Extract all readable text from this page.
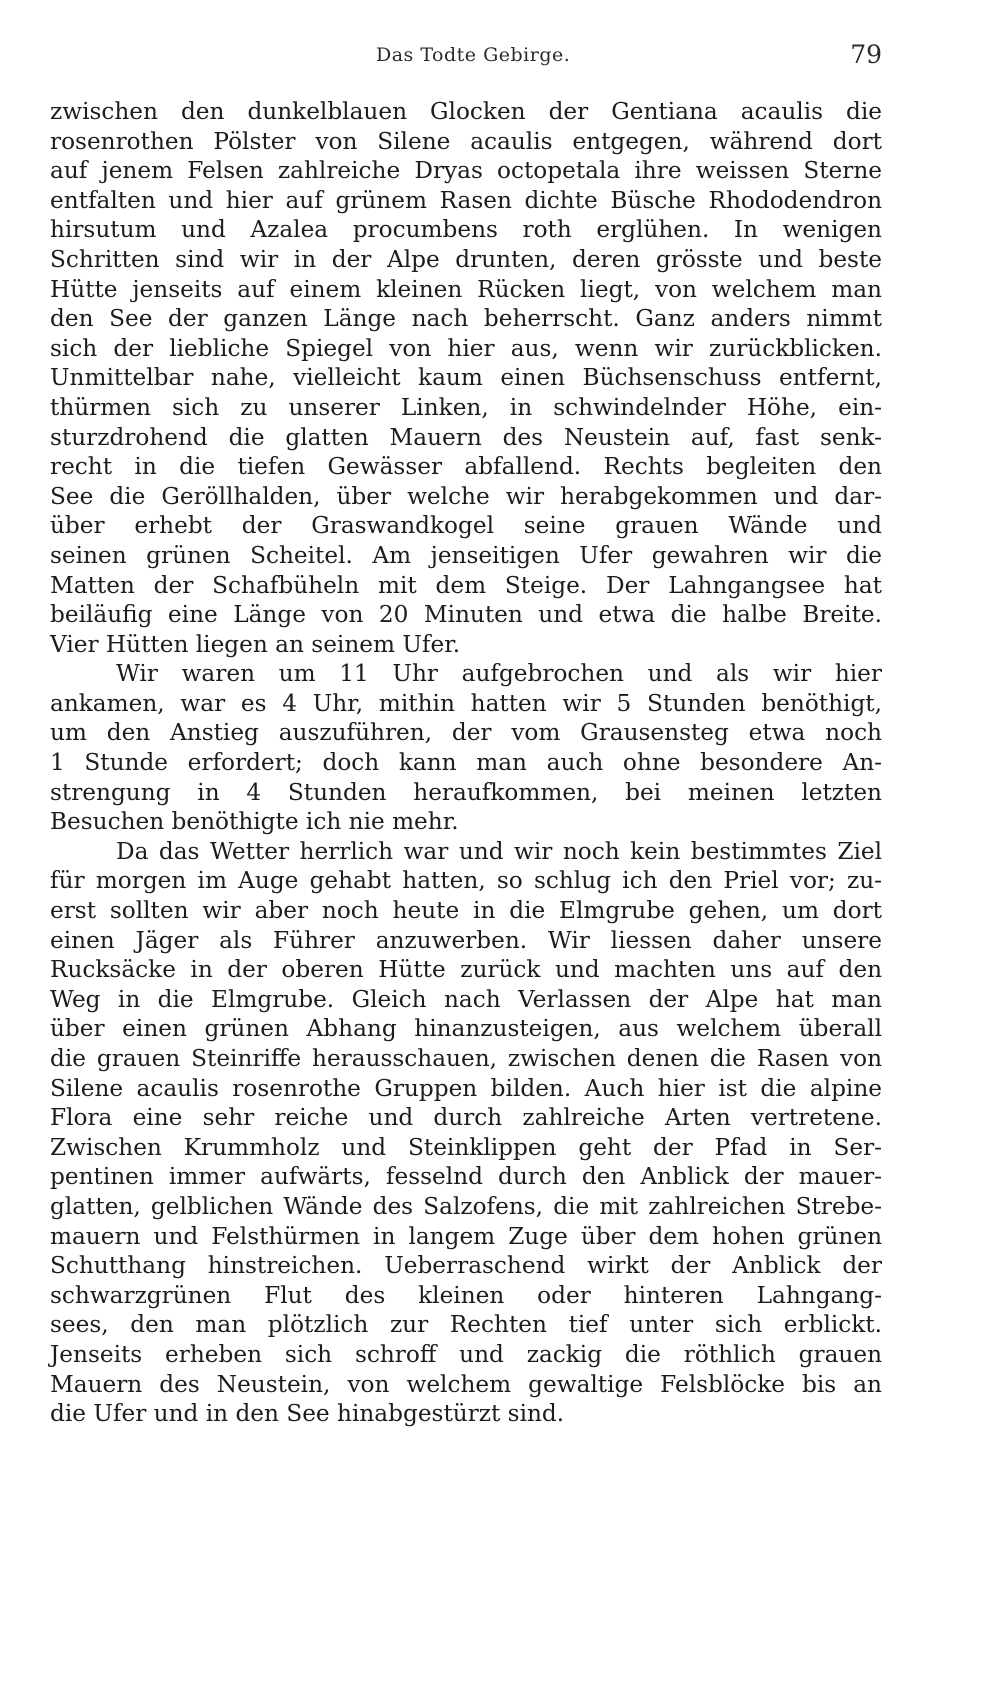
Das Todte Gebirge.	79
zwischen den dunkelblauen Glocken der Gentiana acaulis die
rosenrothen Pölster von Silene acaulis entgegen, während dort
auf jenem Felsen zahlreiche Dryas octopetala ihre weissen Sterne
entfalten und hier auf grünem Rasen dichte Büsche Rhododendron
hirsutum und Azalea procumbens roth erglühen. In wenigen
Schritten sind wir in der Alpe drunten, deren grösste und beste
Hütte jenseits auf einem kleinen Rücken liegt, von welchem man
den See der ganzen Länge nach beherrscht. Ganz anders nimmt
sich der liebliche Spiegel von hier aus, wenn wir zurückblicken.
Unmittelbar nahe, vielleicht kaum einen Büchsenschuss entfernt,
thürmen sich zu unserer Linken, in schwindelnder Höhe, ein-
sturzdrohend die glatten Mauern des Neustein auf, fast senk-
recht in die tiefen Gewässer abfallend. Rechts begleiten den
See die Geröllhalden, über welche wir herabgekommen und dar-
über erhebt der Graswandkogel seine grauen Wände und
seinen grünen Scheitel. Am jenseitigen Ufer gewahren wir die
Matten der Schafbüheln mit dem Steige. Der Lahngangsee hat
beiläufig eine Länge von 20 Minuten und etwa die halbe Breite.
Vier Hütten liegen an seinem Ufer.
Wir waren um 11 Uhr aufgebrochen und als wir hier
ankamen, war es 4 Uhr, mithin hatten wir 5 Stunden benöthigt,
um den Anstieg auszuführen, der vom Grausensteg etwa noch
1 Stunde erfordert; doch kann man auch ohne besondere An-
strengung in 4 Stunden heraufkommen, bei meinen letzten
Besuchen benöthigte ich nie mehr.
Da das Wetter herrlich war und wir noch kein bestimmtes Ziel
für morgen im Auge gehabt hatten, so schlug ich den Priel vor; zu-
erst sollten wir aber noch heute in die Elmgrube gehen, um dort
einen Jäger als Führer anzuwerben. Wir liessen daher unsere
Rucksäcke in der oberen Hütte zurück und machten uns auf den
Weg in die Elmgrube. Gleich nach Verlassen der Alpe hat man
über einen grünen Abhang hinanzusteigen, aus welchem überall
die grauen Steinriffe herausschauen, zwischen denen die Rasen von
Silene acaulis rosenrothe Gruppen bilden. Auch hier ist die alpine
Flora eine sehr reiche und durch zahlreiche Arten vertretene.
Zwischen Krummholz und Steinklippen geht der Pfad in Ser-
pentinen immer aufwärts, fesselnd durch den Anblick der mauer-
glatten, gelblichen Wände des Salzofens, die mit zahlreichen Strebe-
mauern und Felsthürmen in langem Zuge über dem hohen grünen
Schutthang hinstreichen. Ueberraschend wirkt der Anblick der
schwarzgrünen Flut des kleinen oder hinteren Lahngang-
sees, den man plötzlich zur Rechten tief unter sich erblickt.
Jenseits erheben sich schroff und zackig die röthlich grauen
Mauern des Neustein, von welchem gewaltige Felsblöcke bis an
die Ufer und in den See hinabgestürzt sind.
